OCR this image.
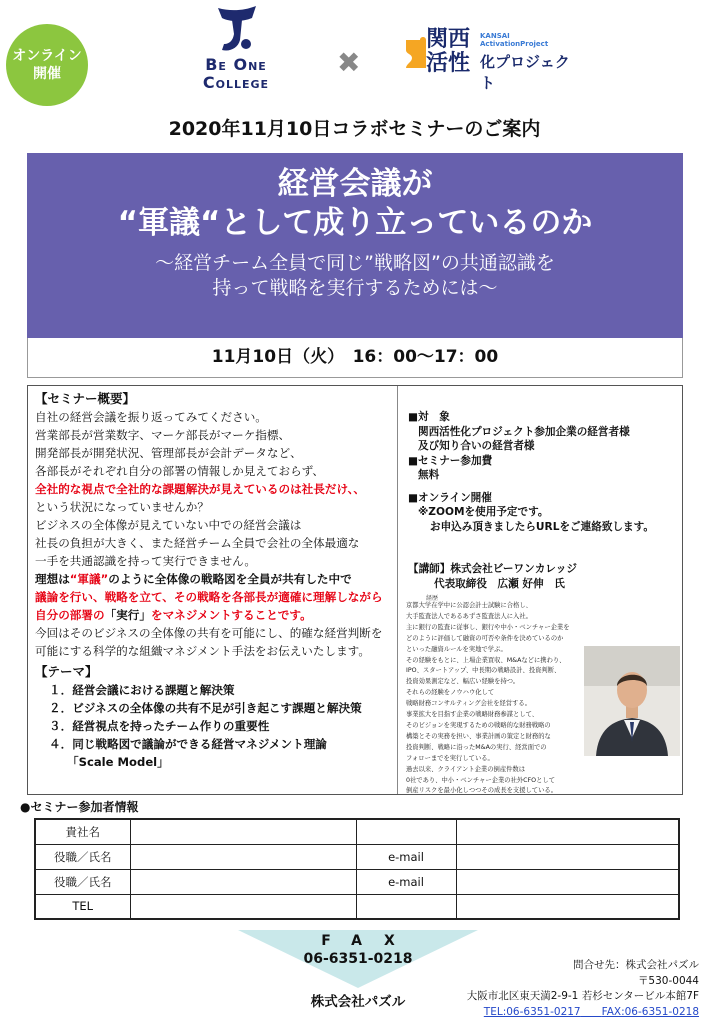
オンライン
開催	Be One
College
✖
関西
活性
KANSAI
ActivationProject
化プロジェクト
2020年11月10日コラボセミナーのご案内
経営会議が
“軍議“として成り立っているのか
～経営チーム全員で同じ”戦略図”の共通認識を
持って戦略を実行するためには～
11月10日（火）　16：00～17：00
【セミナー概要】
自社の経営会議を振り返ってみてください。
営業部長が営業数字、マーケ部長がマーケ指標、
開発部長が開発状況、管理部長が会計データなど、
各部長がそれぞれ自分の部署の情報しか見えておらず、
全社的な視点で全社的な課題解決が見えているのは社長だけ、、
という状況になっていませんか？
ビジネスの全体像が見えていない中での経営会議は
社長の負担が大きく、また経営チーム全員で会社の全体最適な
一手を共通認識を持って実行できません。
理想は“軍議”のように全体像の戦略図を全員が共有した中で
議論を行い、戦略を立て、その戦略を各部長が適確に理解しながら
自分の部署の「実行」をマネジメントすることです。
今回はそのビジネスの全体像の共有を可能にし、的確な経営判断を
可能にする科学的な組織マネジメント手法をお伝えいたします。
【テーマ】
１．経営会議における課題と解決策
２．ビジネスの全体像の共有不足が引き起こす課題と解決策
３．経営視点を持ったチーム作りの重要性
４．同じ戦略図で議論ができる経営マネジメント理論
「Scale Model」
■対　象
関西活性化プロジェクト参加企業の経営者様
及び知り合いの経営者様
■セミナー参加費
無料
■オンライン開催
※ZOOMを使用予定です。
お申込み頂きましたらURLをご連絡致します。
【講師】株式会社ビーワンカレッジ
代表取締役　広瀬 好伸　氏
経歴
京都大学在学中に公認会計士試験に合格し、
大手監査法人であるあずさ監査法人に入社。
主に銀行の監査に従事し、銀行や中小・ベンチャー企業を
どのように評価して融資の可否や条件を決めているのか
といった融資ルールを実地で学ぶ。
その経験をもとに、上場企業買収、M&Aなどに携わり、
IPO、スタートアップ、中長期の戦略設計、投資判断、
投資効果測定など、幅広い経験を持つ。
それらの経験をノウハウ化して
戦略財務コンサルティング会社を経営する。
事業拡大を目指す企業の戦略財務参謀として、
そのビジョンを実現するための戦略的な財務戦略の
構築とその実務を担い、事業計画の策定と財務的な
投資判断、戦略に沿ったM&Aの実行、経営面での
フォローまでを実行している。
過去以来、クライアント企業の倒産件数は
0社であり、中小・ベンチャー企業の社外CFOとして
倒産リスクを最小化しつつその成長を支援している。
●セミナー参加者情報
貴社名			
役職／氏名		e-mail	
役職／氏名		e-mail	
TEL			
FAX
06-6351-0218
株式会社パズル
問合せ先：株式会社パズル
〒530-0044
大阪市北区東天満2-9-1 若杉センタービル本館7F
TEL:06-6351-0217　　 FAX:06-6351-0218
